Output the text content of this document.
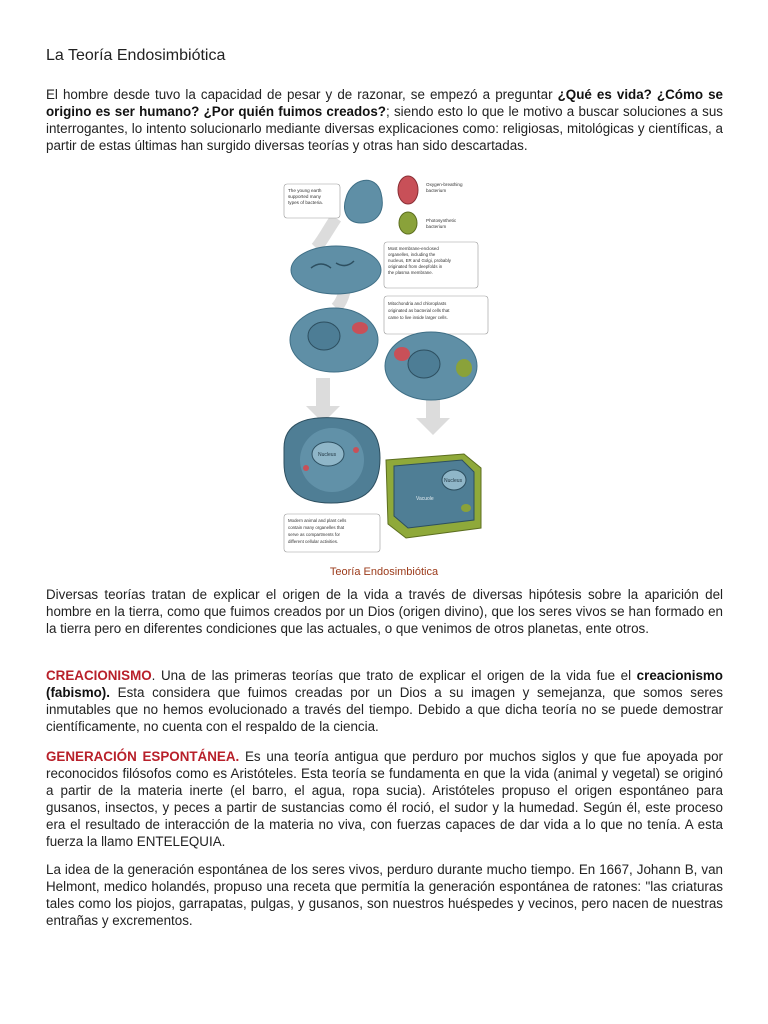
La Teoría Endosimbiótica

El hombre desde tuvo la capacidad de pesar y de razonar, se empezó a preguntar ¿Qué es vida? ¿Cómo se origino es ser humano? ¿Por quién fuimos creados?; siendo esto lo que le motivo a buscar soluciones a sus interrogantes, lo intento solucionarlo mediante diversas explicaciones como: religiosas, mitológicas y científicas, a partir de estas últimas han surgido diversas teorías y otras han sido descartadas.

The young earth
supported many
types of bacteria.
Oxygen-breathing
bacterium
Photosynthetic
bacterium
Most membrane-enclosed
organelles, including the
nucleus, ER and Golgi, probably
originated from deepfolds in
the plasma membrane.
Mitochondria and chloroplasts
originated as bacterial cells that
came to live inside larger cells.
Nucleus
Nucleus
Vacuole
Modern animal and plant cells
contain many organelles that
serve as compartments for
different cellular activities.
Teoría Endosimbiótica

Diversas teorías tratan de explicar el origen de la vida a través de diversas hipótesis sobre la aparición del hombre en la tierra, como que fuimos creados por un Dios (origen divino), que los seres vivos se han formado en la tierra pero en diferentes condiciones que las actuales, o que venimos de otros planetas, ente otros.

CREACIONISMO. Una de las primeras teorías que trato de explicar el origen de la vida fue el creacionismo (fabismo). Esta considera que fuimos creadas por un Dios a su imagen y semejanza, que somos seres inmutables que no hemos evolucionado a través del tiempo. Debido a que dicha teoría no se puede demostrar científicamente, no cuenta con el respaldo de la ciencia.

GENERACIÓN ESPONTÁNEA. Es una teoría antigua que perduro por muchos siglos y que fue apoyada por reconocidos filósofos como es Aristóteles. Esta teoría se fundamenta en que la vida (animal y vegetal) se originó a partir de la materia inerte (el barro, el agua, ropa sucia). Aristóteles propuso el origen espontáneo para gusanos, insectos, y peces a partir de sustancias como él roció, el sudor y la humedad. Según él, este proceso era el resultado de interacción de la materia no viva, con fuerzas capaces de dar vida a lo que no tenía. A esta fuerza la llamo ENTELEQUIA.

La idea de la generación espontánea de los seres vivos, perduro durante mucho tiempo. En 1667, Johann B, van Helmont, medico holandés, propuso una receta que permitía la generación espontánea de ratones: "las criaturas tales como los piojos, garrapatas, pulgas, y gusanos, son nuestros huéspedes y vecinos, pero nacen de nuestras entrañas y excrementos.
